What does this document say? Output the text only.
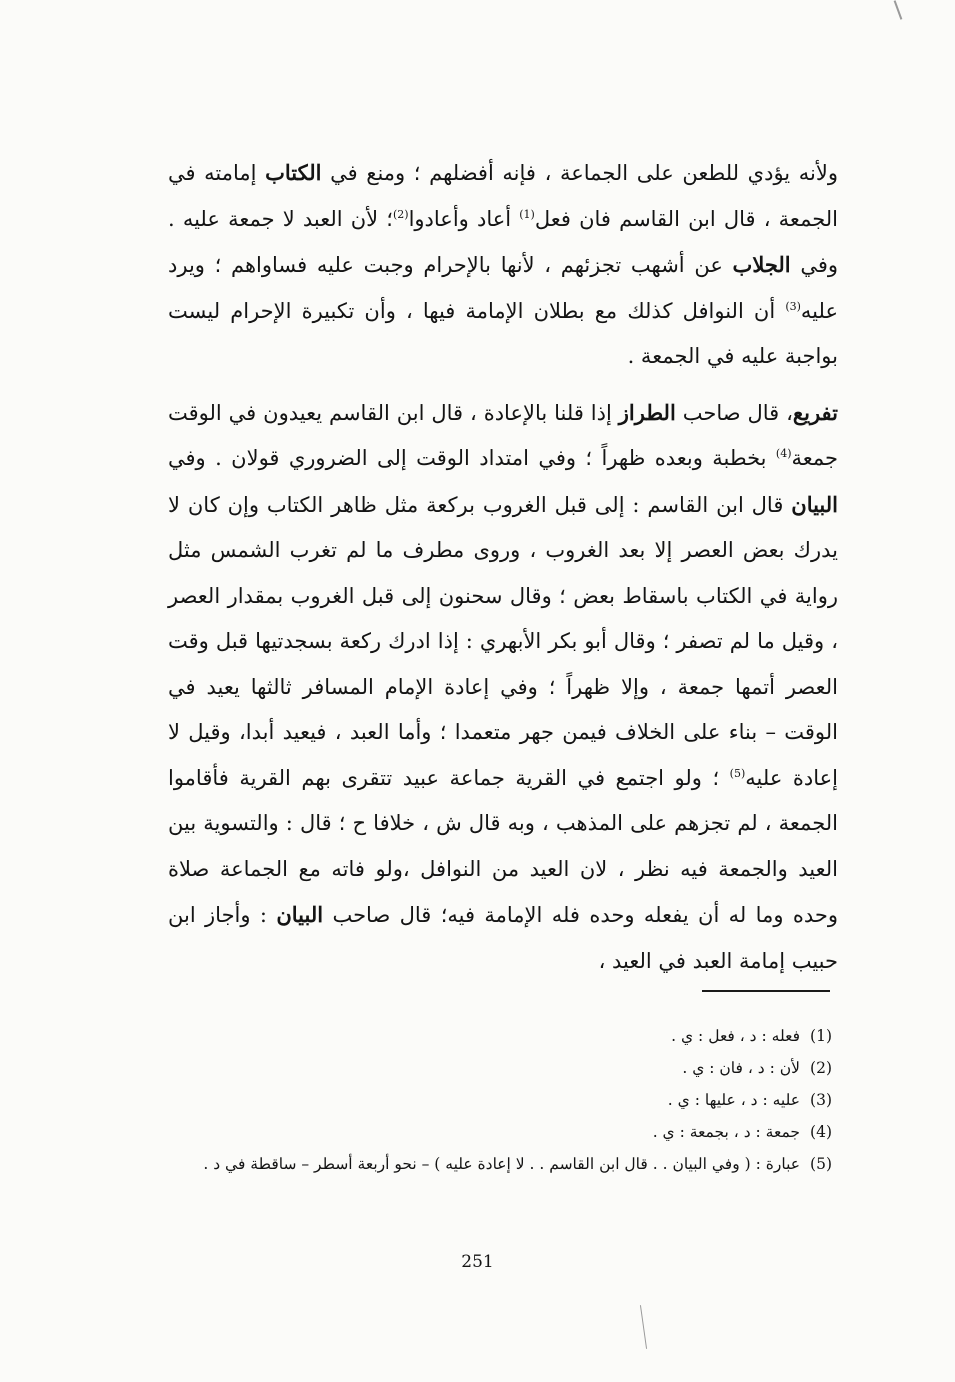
ولأنه يؤدي للطعن على الجماعة ، فإنه أفضلهم ؛ ومنع في الكتاب إمامته في الجمعة ، قال ابن القاسم فان فعل$^{(1)}$ أعاد وأعادوا$^{(2)}$؛ لأن العبد لا جمعة عليه . وفي الجلاب عن أشهب تجزئهم ، لأنها بالإحرام وجبت عليه فساواهم ؛ ويرد عليه$^{(3)}$ أن النوافل كذلك مع بطلان الإمامة فيها ، وأن تكبيرة الإحرام ليست بواجبة عليه في الجمعة .

تفريع، قال صاحب الطراز إذا قلنا بالإعادة ، قال ابن القاسم يعيدون في الوقت جمعة$^{(4)}$ بخطبة وبعده ظهراً ؛ وفي امتداد الوقت إلى الضروري قولان . وفي البيان قال ابن القاسم : إلى قبل الغروب بركعة مثل ظاهر الكتاب وإن كان لا يدرك بعض العصر إلا بعد الغروب ، وروى مطرف ما لم تغرب الشمس مثل رواية في الكتاب باسقاط بعض ؛ وقال سحنون إلى قبل الغروب بمقدار العصر ، وقيل ما لم تصفر ؛ وقال أبو بكر الأبهري : إذا ادرك ركعة بسجدتيها قبل وقت العصر أتمها جمعة ، وإلا ظهراً ؛ وفي إعادة الإمام المسافر ثالثها يعيد في الوقت – بناء على الخلاف فيمن جهر متعمدا ؛ وأما العبد ، فيعيد أبدا، وقيل لا إعادة عليه$^{(5)}$ ؛ ولو اجتمع في القرية جماعة عبيد تتقرى بهم القرية فأقاموا الجمعة ، لم تجزهم على المذهب ، وبه قال ش ، خلافا ح ؛ قال : والتسوية بين العيد والجمعة فيه نظر ، لان العيد من النوافل ،ولو فاته مع الجماعة صلاة وحده وما له أن يفعله وحده فله الإمامة فيه؛ قال صاحب البيان : وأجاز ابن حبيب إمامة العبد في العيد ،

(1)
فعله : د ، فعل : ي .
(2)
لأن : د ، فان : ي .
(3)
عليه : د ، عليها : ي .
(4)
جمعة : د ، بجمعة : ي .
(5)
عبارة : ( وفي البيان . . قال ابن القاسم . . لا إعادة عليه ) – نحو أربعة أسطر – ساقطة في د .
251
